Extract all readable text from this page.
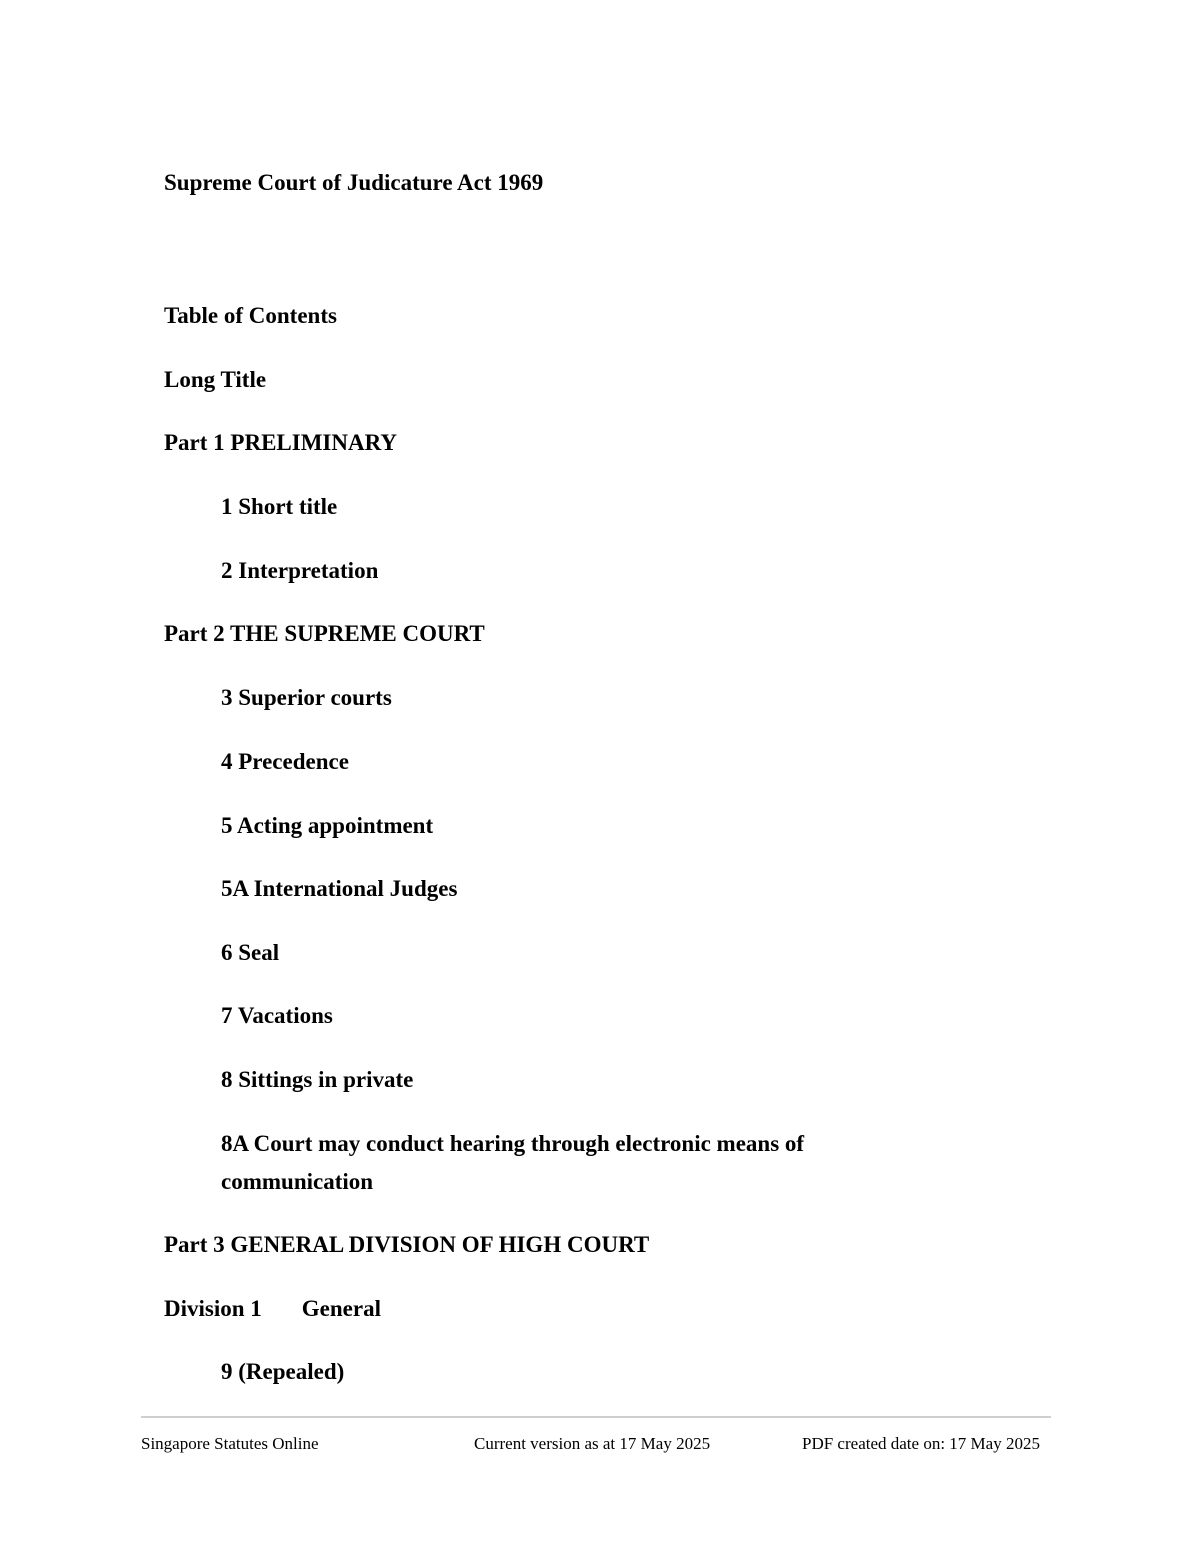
Supreme Court of Judicature Act 1969
Table of Contents
Long Title
Part 1 PRELIMINARY
1 Short title
2 Interpretation
Part 2 THE SUPREME COURT
3 Superior courts
4 Precedence
5 Acting appointment
5A International Judges
6 Seal
7 Vacations
8 Sittings in private
8A Court may conduct hearing through electronic means of communication
Part 3 GENERAL DIVISION OF HIGH COURT
Division 1 General
9 (Repealed)
Singapore Statutes Online	Current version as at 17 May 2025	PDF created date on: 17 May 2025
